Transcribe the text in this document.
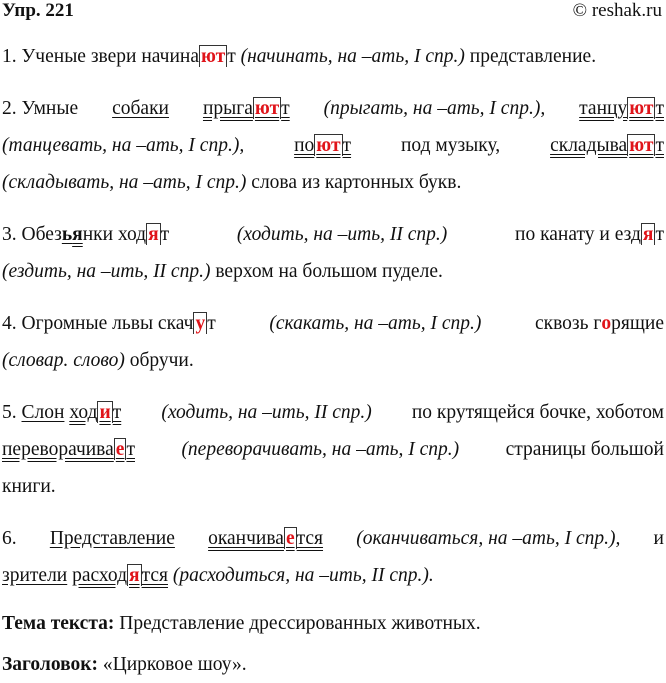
Упр. 221	© reshak.ru
1. Ученые звери начина ют т (начинать, на –ать, I спр.) представление.
2. Умные собаки прыга ют т (прыгать, на –ать, I спр.), танцу ют т
(танцевать, на –ать, I спр.),	по ют т	под музыку,	складыва ют т
(складывать, на –ать, I спр.) слова из картонных букв.
3. Обезьянки ход я т	(ходить, на –ить, II спр.)	по канату и езд я т
(ездить, на –ить, II спр.) верхом на большом пуделе.
4. Огромные львы скач у т	(скакать, на –ать, I спр.)	сквозь горящие
(словар. слово) обручи.
5. Слон ход и т (ходить, на –ить, II спр.) по крутящейся бочке, хоботом
переворачива е т (переворачивать, на –ать, I спр.) страницы большой
книги.
6. Представление оканчива е тся (оканчиваться, на –ать, I спр.), и
зрители расход я тся (расходиться, на –ить, II спр.).
Тема текста: Представление дрессированных животных.
Заголовок: «Цирковое шоу».
